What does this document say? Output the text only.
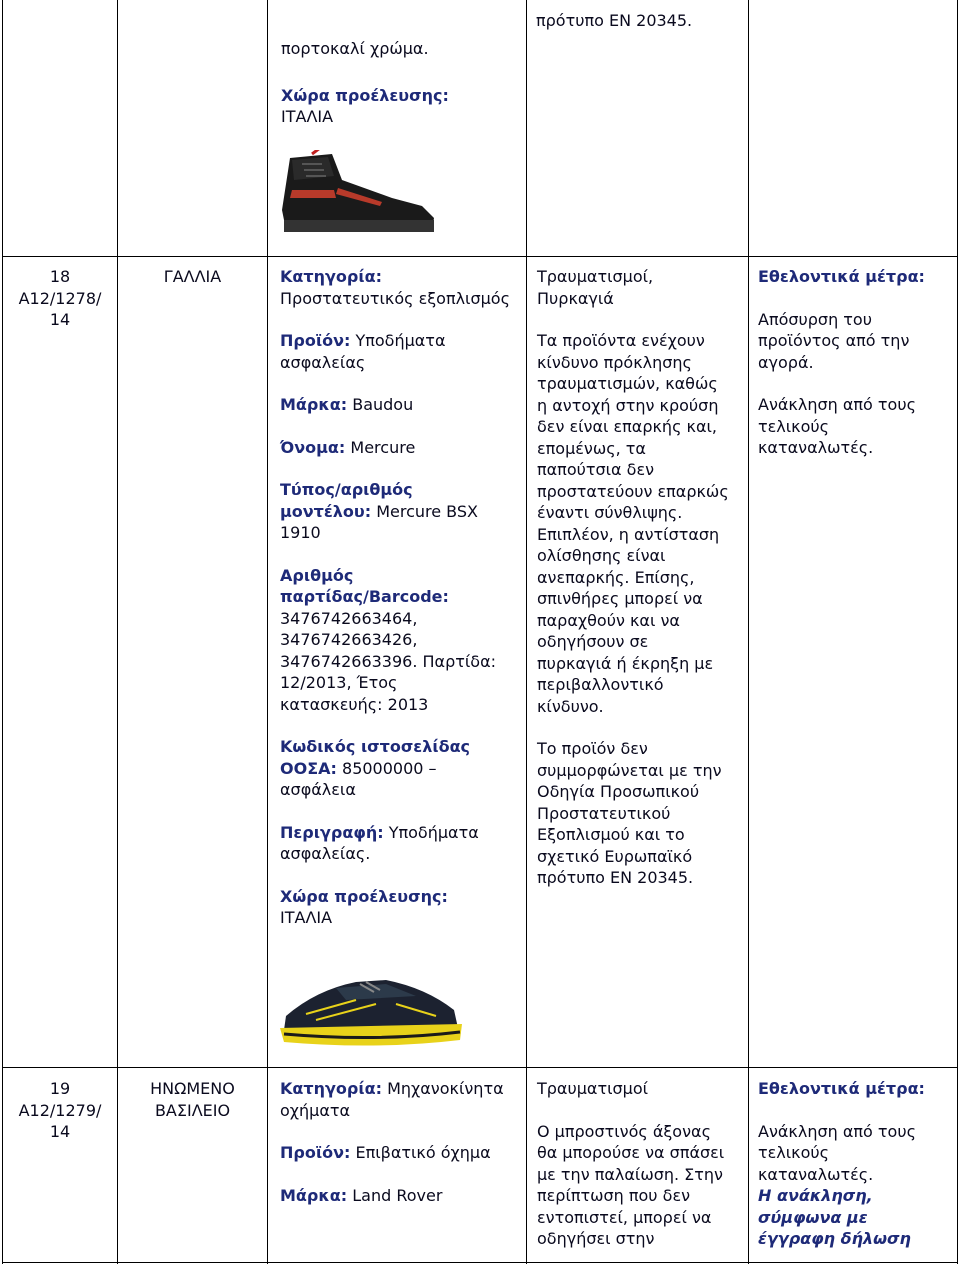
πορτοκαλί χρώμα.

Χώρα προέλευσης:

ΙΤΑΛΙΑ

πρότυπο EN 20345.

18

A12/1278/

14

ΓΑΛΛΙΑ	Κατηγορία:

Προστατευτικός εξοπλισμός

Προϊόν: Υποδήματα

ασφαλείας

Μάρκα: Baudou

Όνομα: Mercure

Τύπος/αριθμός

μοντέλου: Mercure BSX

1910

Αριθμός

παρτίδας/Barcode:

3476742663464,

3476742663426,

3476742663396. Παρτίδα:

12/2013, Έτος

κατασκευής: 2013

Κωδικός ιστοσελίδας

ΟΟΣΑ: 85000000 –

ασφάλεια

Περιγραφή: Υποδήματα

ασφαλείας.

Χώρα προέλευσης:

ΙΤΑΛΙΑ

Τραυματισμοί,

Πυρκαγιά

Τα προϊόντα ενέχουν

κίνδυνο πρόκλησης

τραυματισμών, καθώς

η αντοχή στην κρούση

δεν είναι επαρκής και,

επομένως, τα

παπούτσια δεν

προστατεύουν επαρκώς

έναντι σύνθλιψης.

Επιπλέον, η αντίσταση

ολίσθησης είναι

ανεπαρκής. Επίσης,

σπινθήρες μπορεί να

παραχθούν και να

οδηγήσουν σε

πυρκαγιά ή έκρηξη με

περιβαλλοντικό

κίνδυνο.

Το προϊόν δεν

συμμορφώνεται με την

Οδηγία Προσωπικού

Προστατευτικού

Εξοπλισμού και το

σχετικό Ευρωπαϊκό

πρότυπο EN 20345.

Εθελοντικά μέτρα:

Απόσυρση του

προϊόντος από την

αγορά.

Ανάκληση από τους

τελικούς

καταναλωτές.

19

A12/1279/

14

ΗΝΩΜΕΝΟ

ΒΑΣΙΛΕΙΟ

Κατηγορία: Μηχανοκίνητα

οχήματα

Προϊόν: Επιβατικό όχημα

Μάρκα: Land Rover

Τραυματισμοί

Ο μπροστινός άξονας

θα μπορούσε να σπάσει

με την παλαίωση. Στην

περίπτωση που δεν

εντοπιστεί, μπορεί να

οδηγήσει στην

Εθελοντικά μέτρα:

Ανάκληση από τους

τελικούς

καταναλωτές.

Η ανάκληση,

σύμφωνα με

έγγραφη δήλωση
